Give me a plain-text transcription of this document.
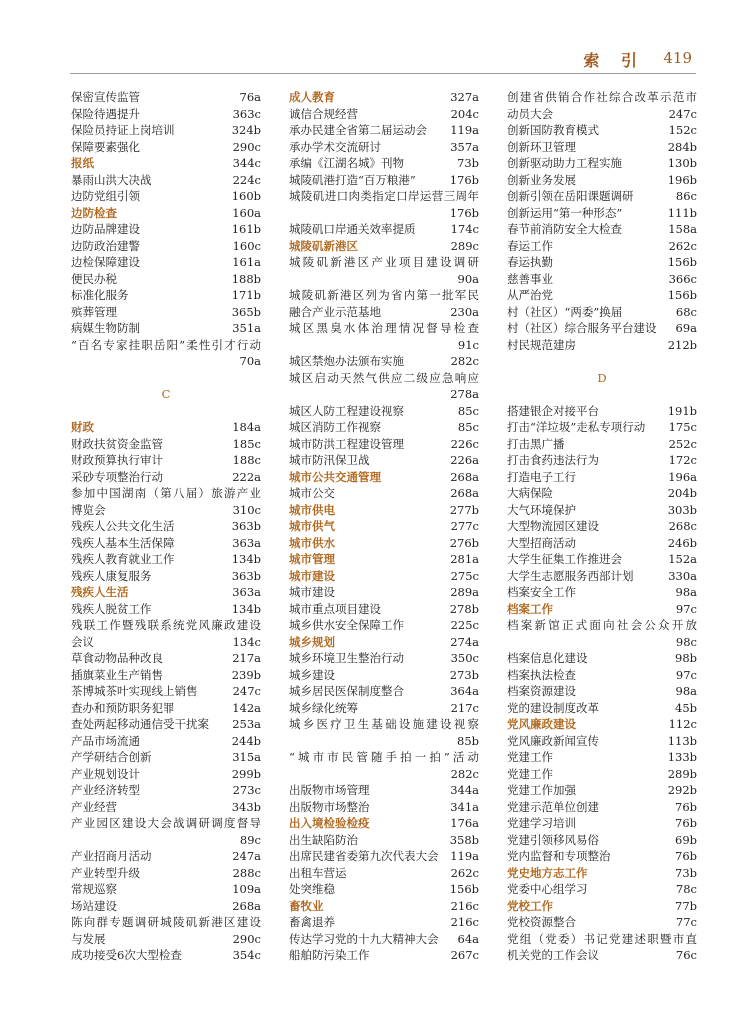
索 引 419
保密宣传监管	76a
保险待遇提升	363c
保险员持证上岗培训	324b
保障要素强化	290c
报纸	344c
暴雨山洪大决战	224c
边防党组引领	160b
边防检查	160a
边防品牌建设	161b
边防政治建警	160c
边检保障建设	161a
便民办税	188b
标准化服务	171b
殡葬管理	365b
病媒生物防制	351a
“百名专家挂职岳阳”柔性引才行动
70a
C
财政	184a
财政扶贫资金监管	185c
财政预算执行审计	188c
采砂专项整治行动	222a
参加中国湖南（第八届）旅游产业
博览会	310c
残疾人公共文化生活	363b
残疾人基本生活保障	363a
残疾人教育就业工作	134b
残疾人康复服务	363b
残疾人生活	363a
残疾人脱贫工作	134b
残联工作暨残联系统党风廉政建设
会议	134c
草食动物品种改良	217a
插旗菜业生产销售	239b
茶博城茶叶实现线上销售	247c
查办和预防职务犯罪	142a
查处两起移动通信受干扰案 253a
产品市场流通	244b
产学研结合创新	315a
产业规划设计	299b
产业经济转型	273c
产业经营	343b
产业园区建设大会战调研调度督导
89c
产业招商月活动	247a
产业转型升级	288c
常规巡察	109a
场站建设	268a
陈向群专题调研城陵矶新港区建设
与发展	290c
成功接受6次大型检查	354c
成人教育	327a
诚信合规经营	204c
承办民建全省第二届运动会 119a
承办学术交流研讨	357a
承编《江湖名城》刊物	73b
城陵矶港打造“百万粮港”	176b
城陵矶进口肉类指定口岸运营三周年
176b
城陵矶口岸通关效率提质	174c
城陵矶新港区	289c
城陵矶新港区产业项目建设调研
90a
城陵矶新港区列为省内第一批军民
融合产业示范基地	230a
城区黑臭水体治理情况督导检查
91c
城区禁炮办法颁布实施	282c
城区启动天然气供应二级应急响应
278a
城区人防工程建设视察	85c
城区消防工作视察	85c
城市防洪工程建设管理	226c
城市防汛保卫战	226a
城市公共交通管理	268a
城市公交	268a
城市供电	277b
城市供气	277c
城市供水	276b
城市管理	281a
城市建设	275c
城市建设	289a
城市重点项目建设	278b
城乡供水安全保障工作	225c
城乡规划	274a
城乡环境卫生整治行动	350c
城乡建设	273b
城乡居民医保制度整合	364a
城乡绿化统筹	217c
城乡医疗卫生基础设施建设视察
85b
“城市市民管随手拍一拍”活动
282c
出版物市场管理	344a
出版物市场整治	341a
出入境检验检疫	176a
出生缺陷防治	358b
出席民建省委第九次代表大会 119a
出租车营运	262c
处突维稳	156b
畜牧业	216c
畜禽退养	216c
传达学习党的十九大精神大会 64a
船舶防污染工作	267c
创建省供销合作社综合改革示范市
动员大会	247c
创新国防教育模式	152c
创新环卫管理	284b
创新驱动助力工程实施	130b
创新业务发展	196b
创新引领在岳阳课题调研	86c
创新运用“第一种形态”	111b
春节前消防安全大检查	158a
春运工作	262c
春运执勤	156b
慈善事业	366c
从严治党	156b
村（社区）“两委”换届	68c
村（社区）综合服务平台建设 69a
村民规范建房	212b
D
搭建银企对接平台	191b
打击“洋垃圾”走私专项行动 175c
打击黑广播	252c
打击食药违法行为	172c
打造电子工行	196a
大病保险	204b
大气环境保护	303b
大型物流园区建设	268c
大型招商活动	246b
大学生征集工作推进会	152a
大学生志愿服务西部计划	330a
档案安全工作	98a
档案工作	97c
档案新馆正式面向社会公众开放
98c
档案信息化建设	98b
档案执法检查	97c
档案资源建设	98a
党的建设制度改革	45b
党风廉政建设	112c
党风廉政新闻宣传	113b
党建工作	133b
党建工作	289b
党建工作加强	292b
党建示范单位创建	76b
党建学习培训	76b
党建引领移风易俗	69b
党内监督和专项整治	76b
党史地方志工作	73b
党委中心组学习	78c
党校工作	77b
党校资源整合	77c
党组（党委）书记党建述职暨市直
机关党的工作会议	76c
